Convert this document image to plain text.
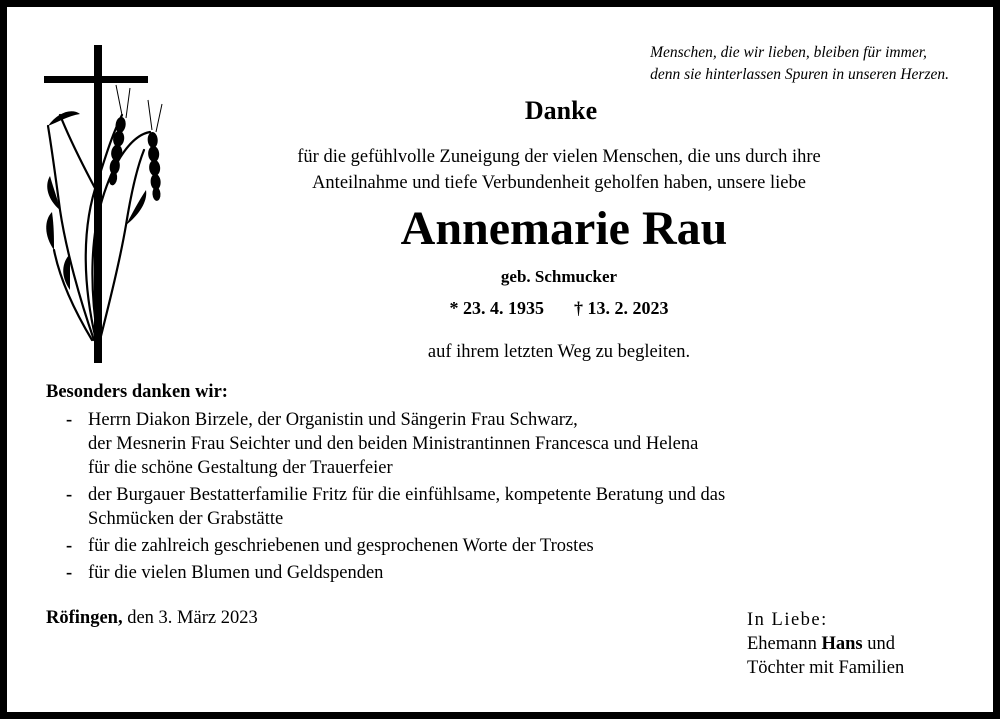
Menschen, die wir lieben, bleiben für immer,
denn sie hinterlassen Spuren in unseren Herzen.
Danke
für die gefühlvolle Zuneigung der vielen Menschen, die uns durch ihre
Anteilnahme und tiefe Verbundenheit geholfen haben, unsere liebe
Annemarie Rau
geb. Schmucker
* 23. 4. 1935 † 13. 2. 2023
auf ihrem letzten Weg zu begleiten.
Besonders danken wir:
- Herrn Diakon Birzele, der Organistin und Sängerin Frau Schwarz,
der Mesnerin Frau Seichter und den beiden Ministrantinnen Francesca und Helena
für die schöne Gestaltung der Trauerfeier
- der Burgauer Bestatterfamilie Fritz für die einfühlsame, kompetente Beratung und das
Schmücken der Grabstätte
- für die zahlreich geschriebenen und gesprochenen Worte der Trostes
- für die vielen Blumen und Geldspenden
Röfingen, den 3. März 2023	In Liebe:
Ehemann Hans und
Töchter mit Familien
